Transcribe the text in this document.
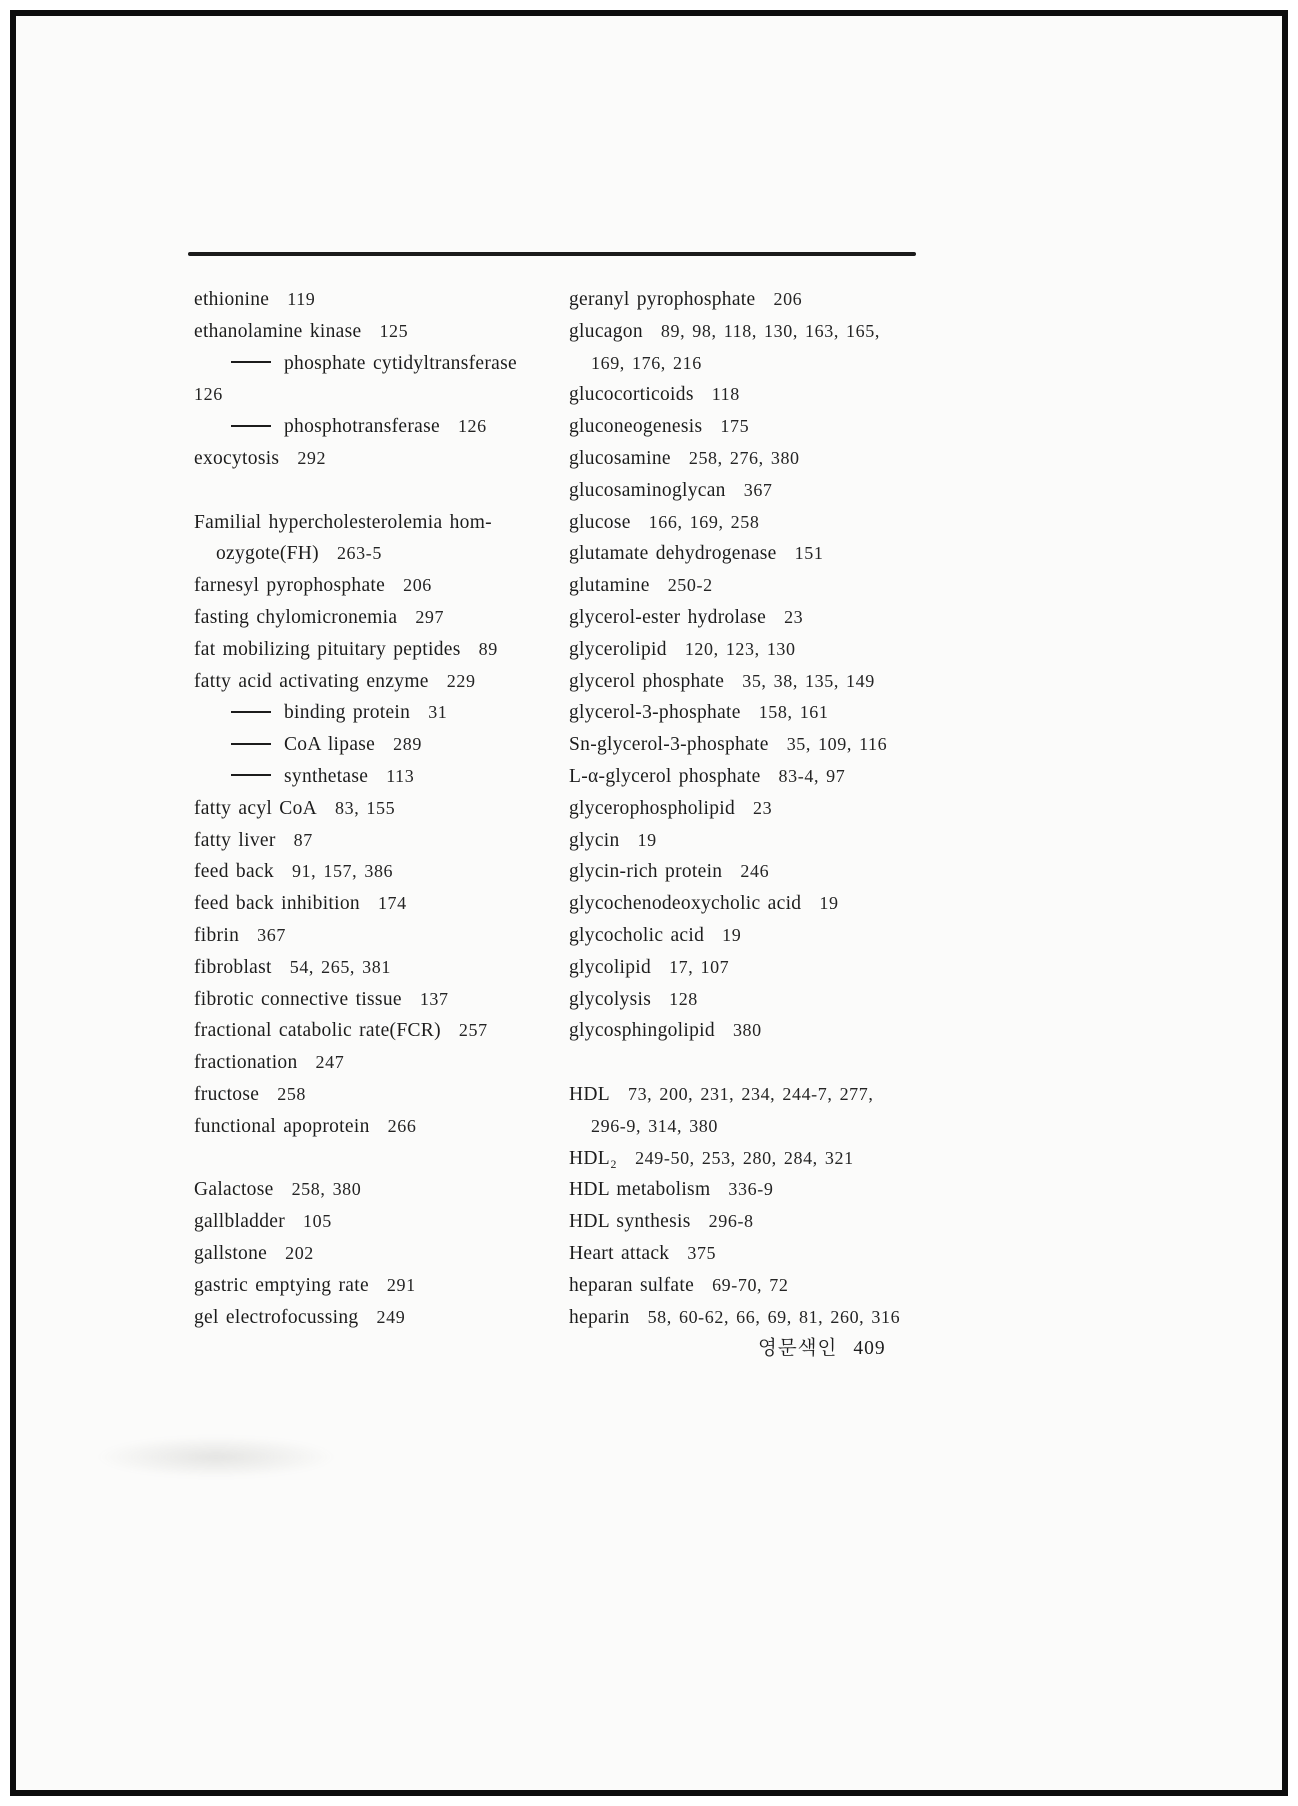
ethionine 119
ethanolamine kinase 125
phosphate cytidyltransferase
126
phosphotransferase 126
exocytosis 292
Familial hypercholesterolemia hom-
ozygote(FH) 263-5
farnesyl pyrophosphate 206
fasting chylomicronemia 297
fat mobilizing pituitary peptides 89
fatty acid activating enzyme 229
binding protein 31
CoA lipase 289
synthetase 113
fatty acyl CoA 83, 155
fatty liver 87
feed back 91, 157, 386
feed back inhibition 174
fibrin 367
fibroblast 54, 265, 381
fibrotic connective tissue 137
fractional catabolic rate(FCR) 257
fractionation 247
fructose 258
functional apoprotein 266
Galactose 258, 380
gallbladder 105
gallstone 202
gastric emptying rate 291
gel electrofocussing 249
geranyl pyrophosphate 206
glucagon 89, 98, 118, 130, 163, 165,
169, 176, 216
glucocorticoids 118
gluconeogenesis 175
glucosamine 258, 276, 380
glucosaminoglycan 367
glucose 166, 169, 258
glutamate dehydrogenase 151
glutamine 250-2
glycerol-ester hydrolase 23
glycerolipid 120, 123, 130
glycerol phosphate 35, 38, 135, 149
glycerol-3-phosphate 158, 161
Sn-glycerol-3-phosphate 35, 109, 116
L-α-glycerol phosphate 83-4, 97
glycerophospholipid 23
glycin 19
glycin-rich protein 246
glycochenodeoxycholic acid 19
glycocholic acid 19
glycolipid 17, 107
glycolysis 128
glycosphingolipid 380
HDL 73, 200, 231, 234, 244-7, 277,
296-9, 314, 380
HDL₂ 249-50, 253, 280, 284, 321
HDL metabolism 336-9
HDL synthesis 296-8
Heart attack 375
heparan sulfate 69-70, 72
heparin 58, 60-62, 66, 69, 81, 260, 316
영문색인 409
